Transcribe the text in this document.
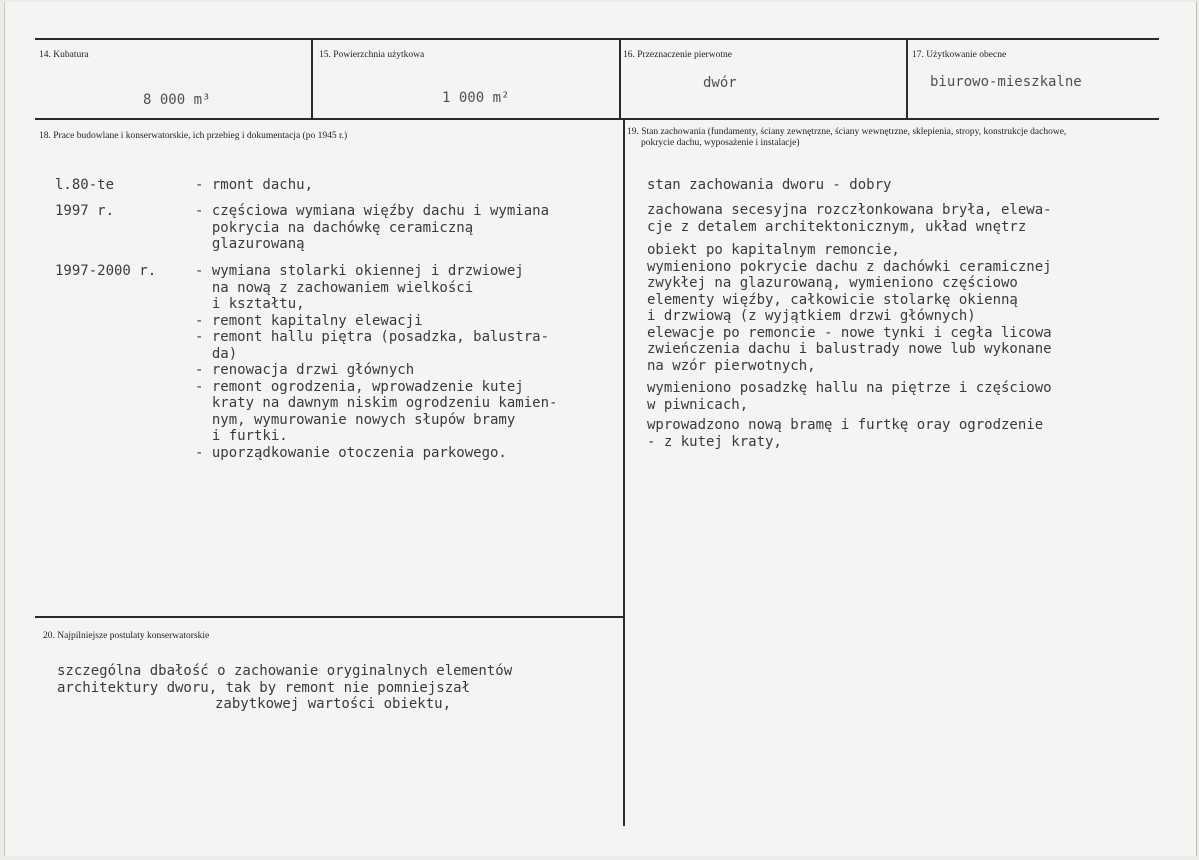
14. Kubatura
8 000 m³
15. Powierzchnia użytkowa
1 000 m²
16. Przeznaczenie pierwotne
dwór
17. Użytkowanie obecne
biurowo-mieszkalne
18. Prace budowlane i konserwatorskie, ich przebieg i dokumentacja (po 1945 r.)
l.80-te	- rmont dachu,
1997 r.	- częściowa wymiana więźby dachu i wymiana
pokrycia na dachówkę ceramiczną
glazurowaną
1997-2000 r.	- wymiana stolarki okiennej i drzwiowej
na nową z zachowaniem wielkości
i kształtu,
- remont kapitalny elewacji
- remont hallu piętra (posadzka, balustra-
da)
- renowacja drzwi głównych
- remont ogrodzenia, wprowadzenie kutej
kraty na dawnym niskim ogrodzeniu kamien-
nym, wymurowanie nowych słupów bramy
i furtki.
- uporządkowanie otoczenia parkowego.
19. Stan zachowania (fundamenty, ściany zewnętrzne, ściany wewnętrzne, sklepienia, stropy, konstrukcje dachowe,
pokrycie dachu, wyposażenie i instalacje)
stan zachowania dworu - dobry
zachowana secesyjna rozczłonkowana bryła, elewa-
cje z detalem architektonicznym, układ wnętrz
obiekt po kapitalnym remoncie,
wymieniono pokrycie dachu z dachówki ceramicznej
zwykłej na glazurowaną, wymieniono częściowo
elementy więźby, całkowicie stolarkę okienną
i drzwiową (z wyjątkiem drzwi głównych)
elewacje po remoncie - nowe tynki i cegła licowa
zwieńczenia dachu i balustrady nowe lub wykonane
na wzór pierwotnych,
wymieniono posadzkę hallu na piętrze i częściowo
w piwnicach,
wprowadzono nową bramę i furtkę oray ogrodzenie
- z kutej kraty,
20. Najpilniejsze postulaty konserwatorskie
szczególna dbałość o zachowanie oryginalnych elementów
architektury dworu, tak by remont nie pomniejszał
zabytkowej wartości obiektu,
